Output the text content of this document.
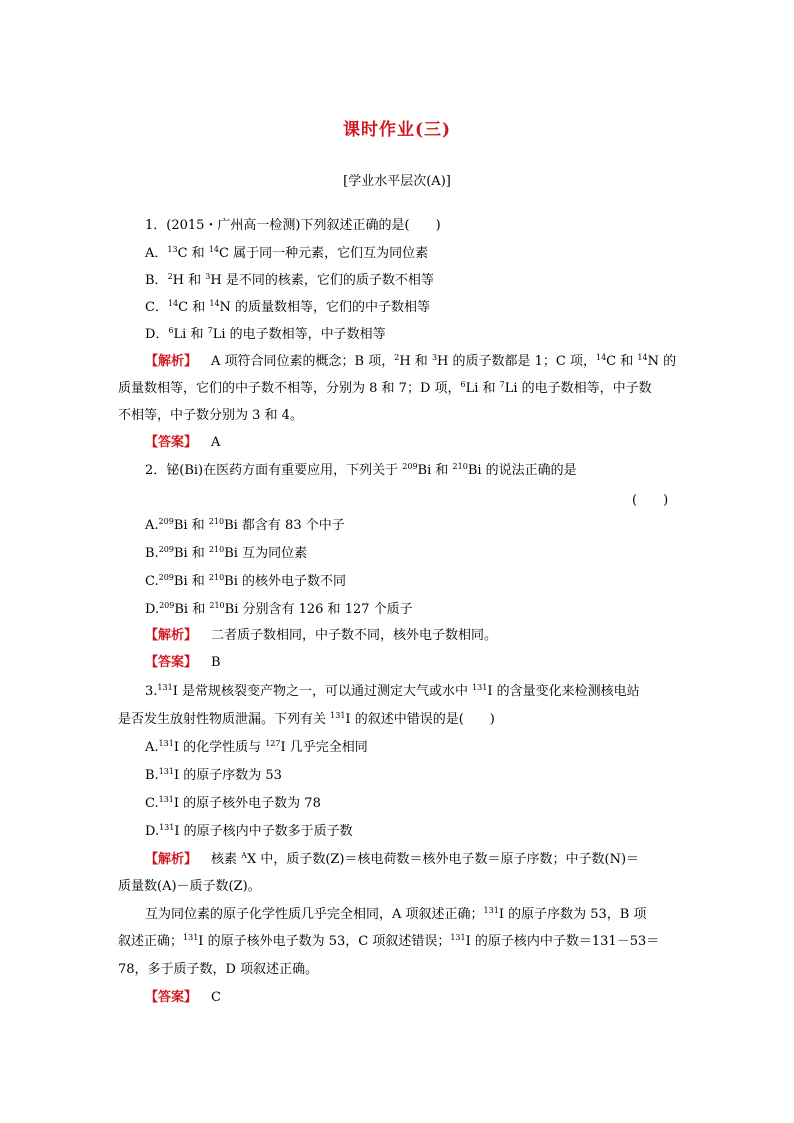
课时作业(三)
[学业水平层次(A)]
1．(2015・广州高一检测)下列叙述正确的是(　　)
A．$^{13}$C 和 $^{14}$C 属于同一种元素，它们互为同位素
B．$^2$H 和 $^3$H 是不同的核素，它们的质子数不相等
C．$^{14}$C 和 $^{14}$N 的质量数相等，它们的中子数相等
D．$^6$Li 和 $^7$Li 的电子数相等，中子数相等
【解析】 A 项符合同位素的概念；B 项，$^2$H 和 $^3$H 的质子数都是 1；C 项，$^{14}$C 和 $^{14}$N 的
质量数相等，它们的中子数不相等，分别为 8 和 7；D 项，$^6$Li 和 $^7$Li 的电子数相等，中子数
不相等，中子数分别为 3 和 4。
【答案】 A
2．铋(Bi)在医药方面有重要应用，下列关于 $^{209}$Bi 和 $^{210}$Bi 的说法正确的是
(　　)
A.$^{209}$Bi 和 $^{210}$Bi 都含有 83 个中子
B.$^{209}$Bi 和 $^{210}$Bi 互为同位素
C.$^{209}$Bi 和 $^{210}$Bi 的核外电子数不同
D.$^{209}$Bi 和 $^{210}$Bi 分别含有 126 和 127 个质子
【解析】 二者质子数相同，中子数不同，核外电子数相同。
【答案】 B
3.$^{131}$I 是常规核裂变产物之一，可以通过测定大气或水中 $^{131}$I 的含量变化来检测核电站
是否发生放射性物质泄漏。下列有关 $^{131}$I 的叙述中错误的是(　　)
A.$^{131}$I 的化学性质与 $^{127}$I 几乎完全相同
B.$^{131}$I 的原子序数为 53
C.$^{131}$I 的原子核外电子数为 78
D.$^{131}$I 的原子核内中子数多于质子数
【解析】 核素 $^A$X 中，质子数(Z)＝核电荷数＝核外电子数＝原子序数；中子数(N)＝
质量数(A)－质子数(Z)。
互为同位素的原子化学性质几乎完全相同，A 项叙述正确；$^{131}$I 的原子序数为 53，B 项
叙述正确；$^{131}$I 的原子核外电子数为 53，C 项叙述错误；$^{131}$I 的原子核内中子数＝131－53＝
78，多于质子数，D 项叙述正确。
【答案】 C
